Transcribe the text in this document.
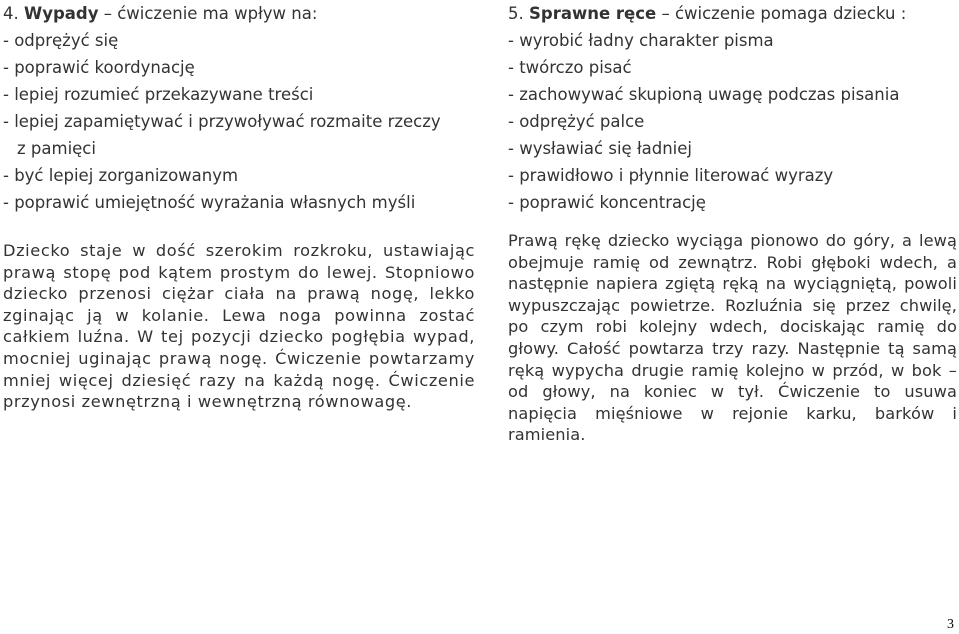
4. Wypady – ćwiczenie ma wpływ na:
- odprężyć się
- poprawić koordynację
- lepiej rozumieć przekazywane treści
- lepiej zapamiętywać i przywoływać rozmaite rzeczy
z pamięci
- być lepiej zorganizowanym
- poprawić umiejętność wyrażania własnych myśli
Dziecko staje w dość szerokim rozkroku, ustawiając prawą stopę pod kątem prostym do lewej. Stopniowo dziecko przenosi ciężar ciała na prawą nogę, lekko zginając ją w kolanie. Lewa noga powinna zostać całkiem luźna. W tej pozycji dziecko pogłębia wypad, mocniej uginając prawą nogę. Ćwiczenie powtarzamy mniej więcej dziesięć razy na każdą nogę. Ćwiczenie przynosi zewnętrzną i wewnętrzną równowagę.
5. Sprawne ręce – ćwiczenie pomaga dziecku :
- wyrobić ładny charakter pisma
- twórczo pisać
- zachowywać skupioną uwagę podczas pisania
- odprężyć palce
- wysławiać się ładniej
- prawidłowo i płynnie literować wyrazy
- poprawić koncentrację
Prawą rękę dziecko wyciąga pionowo do góry, a lewą obejmuje ramię od zewnątrz. Robi głęboki wdech, a następnie napiera zgiętą ręką na wyciągniętą, powoli wypuszczając powietrze. Rozluźnia się przez chwilę, po czym robi kolejny wdech, dociskając ramię do głowy. Całość powtarza trzy razy. Następnie tą samą ręką wypycha drugie ramię kolejno w przód, w bok – od głowy, na koniec w tył. Ćwiczenie to usuwa napięcia mięśniowe w rejonie karku, barków i ramienia.
3
